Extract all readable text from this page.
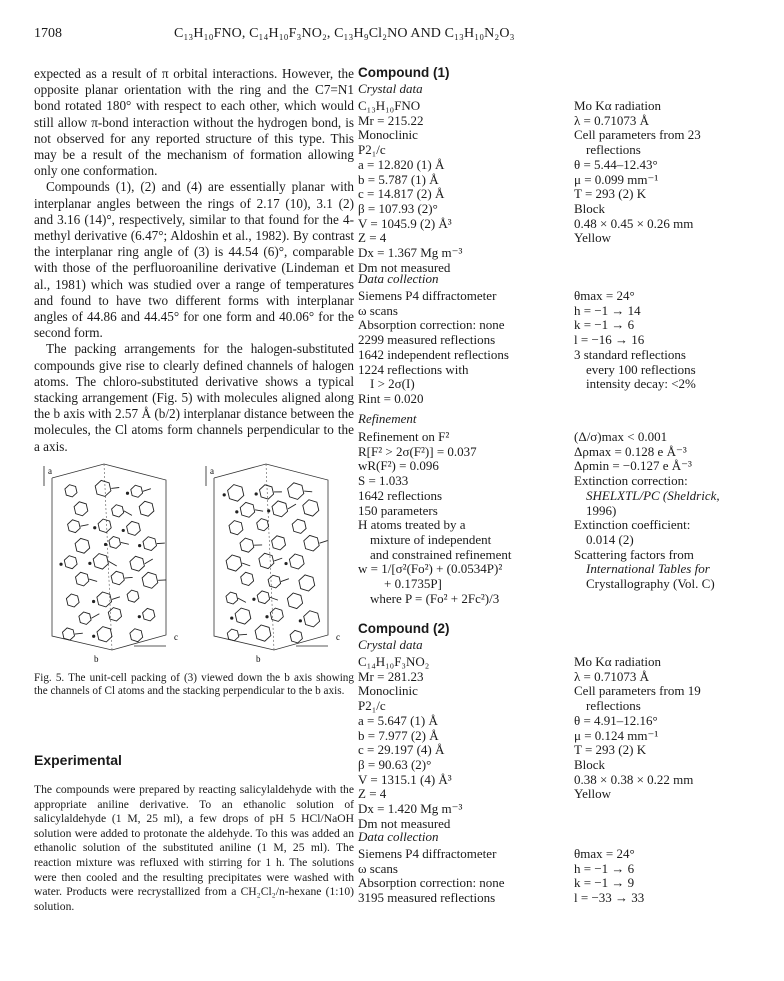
1708	C₁₃H₁₀FNO, C₁₄H₁₀F₃NO₂, C₁₃H₉Cl₂NO AND C₁₃H₁₀N₂O₃

expected as a result of π orbital interactions. However, the opposite planar orientation with the ring and the C7=N1 bond rotated 180° with respect to each other, which would still allow π-bond interaction without the hydrogen bond, is not observed for any reported structure of this type. This may be a result of the mechanism of formation allowing only one conformation.

Compounds (1), (2) and (4) are essentially planar with interplanar angles between the rings of 2.17 (10), 3.1 (2) and 3.16 (14)°, respectively, similar to that found for the 4-methyl derivative (6.47°; Aldoshin et al., 1982). By contrast the interplanar ring angle of (3) is 44.54 (6)°, comparable with those of the perfluoroaniline derivative (Lindeman et al., 1981) which was studied over a range of temperatures and found to have two different forms with interplanar angles of 44.86 and 44.45° for one form and 40.06° for the second form.

The packing arrangements for the halogen-substituted compounds give rise to clearly defined channels of halogen atoms. The chloro-substituted derivative shows a typical stacking arrangement (Fig. 5) with molecules aligned along the b axis with 2.57 Å (b/2) interplanar distance between the molecules, the Cl atoms form channels perpendicular to the a axis.

a
c
b
a
c
b
Fig. 5. The unit-cell packing of (3) viewed down the b axis showing the channels of Cl atoms and the stacking perpendicular to the b axis.
Experimental
The compounds were prepared by reacting salicylaldehyde with the appropriate aniline derivative. To an ethanolic solution of salicylaldehyde (1 M, 25 ml), a few drops of pH 5 HCl/NaOH solution were added to protonate the aldehyde. To this was added an ethanolic solution of the substituted aniline (1 M, 25 ml). The reaction mixture was refluxed with stirring for 1 h. The solutions were then cooled and the resulting precipitates were washed with water. Products were recrystallized from a CH₂Cl₂/n-hexane (1:10) solution.
Compound (1)
Crystal data
C₁₃H₁₀FNO
Mr = 215.22
Monoclinic
P2₁/c
a = 12.820 (1) Å
b = 5.787 (1) Å
c = 14.817 (2) Å
β = 107.93 (2)°
V = 1045.9 (2) Å³
Z = 4
Dx = 1.367 Mg m⁻³
Dm not measured
Mo Kα radiation
λ = 0.71073 Å
Cell parameters from 23
reflections
θ = 5.44–12.43°
μ = 0.099 mm⁻¹
T = 293 (2) K
Block
0.48 × 0.45 × 0.26 mm
Yellow
Data collection
Siemens P4 diffractometer
ω scans
Absorption correction: none
2299 measured reflections
1642 independent reflections
1224 reflections with
I > 2σ(I)
Rint = 0.020
θmax = 24°
h = −1 → 14
k = −1 → 6
l = −16 → 16
3 standard reflections
every 100 reflections
intensity decay: <2%
Refinement
Refinement on F²
R[F² > 2σ(F²)] = 0.037
wR(F²) = 0.096
S = 1.033
1642 reflections
150 parameters
H atoms treated by a
mixture of independent
and constrained refinement
w = 1/[σ²(Fo²) + (0.0534P)²
+ 0.1735P]
where P = (Fo² + 2Fc²)/3
(Δ/σ)max < 0.001
Δρmax = 0.128 e Å⁻³
Δρmin = −0.127 e Å⁻³
Extinction correction:
SHELXTL/PC (Sheldrick,
1996)
Extinction coefficient:
0.014 (2)
Scattering factors from
International Tables for
Crystallography (Vol. C)
Compound (2)
Crystal data
C₁₄H₁₀F₃NO₂
Mr = 281.23
Monoclinic
P2₁/c
a = 5.647 (1) Å
b = 7.977 (2) Å
c = 29.197 (4) Å
β = 90.63 (2)°
V = 1315.1 (4) Å³
Z = 4
Dx = 1.420 Mg m⁻³
Dm not measured
Mo Kα radiation
λ = 0.71073 Å
Cell parameters from 19
reflections
θ = 4.91–12.16°
μ = 0.124 mm⁻¹
T = 293 (2) K
Block
0.38 × 0.38 × 0.22 mm
Yellow
Data collection
Siemens P4 diffractometer
ω scans
Absorption correction: none
3195 measured reflections
θmax = 24°
h = −1 → 6
k = −1 → 9
l = −33 → 33
